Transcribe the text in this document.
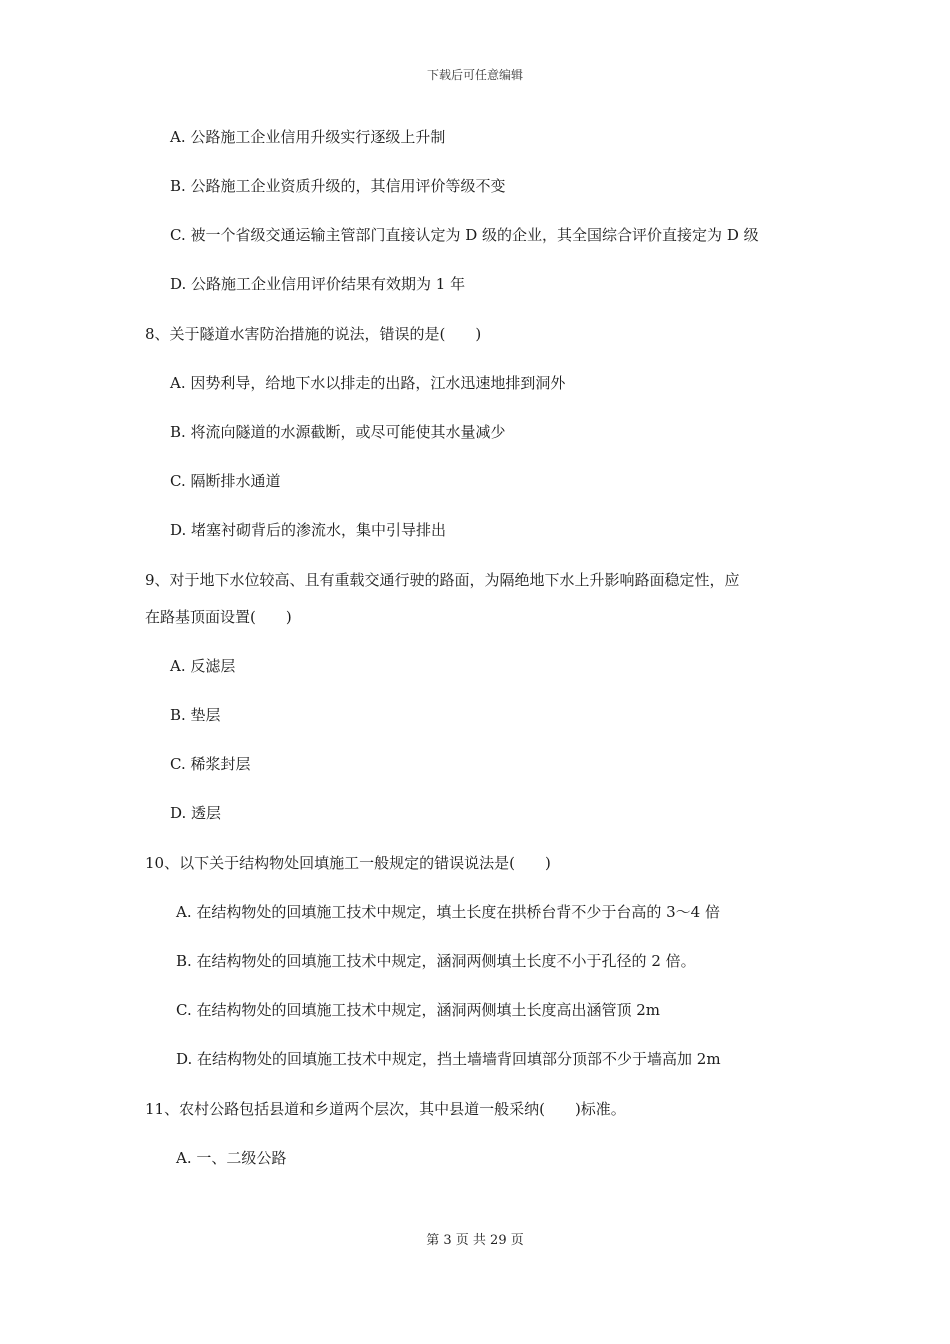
下载后可任意编辑
A. 公路施工企业信用升级实行逐级上升制
B. 公路施工企业资质升级的，其信用评价等级不变
C. 被一个省级交通运输主管部门直接认定为 D 级的企业，其全国综合评价直接定为 D 级
D. 公路施工企业信用评价结果有效期为 1 年
8、关于隧道水害防治措施的说法，错误的是(　　)
A. 因势利导，给地下水以排走的出路，江水迅速地排到洞外
B. 将流向隧道的水源截断，或尽可能使其水量减少
C. 隔断排水通道
D. 堵塞衬砌背后的渗流水，集中引导排出
9、对于地下水位较高、且有重载交通行驶的路面，为隔绝地下水上升影响路面稳定性，应
在路基顶面设置(　　)
A. 反滤层
B. 垫层
C. 稀浆封层
D. 透层
10、以下关于结构物处回填施工一般规定的错误说法是(　　)
A. 在结构物处的回填施工技术中规定，填土长度在拱桥台背不少于台高的 3～4 倍
B. 在结构物处的回填施工技术中规定，涵洞两侧填土长度不小于孔径的 2 倍。
C. 在结构物处的回填施工技术中规定，涵洞两侧填土长度高出涵管顶 2m
D. 在结构物处的回填施工技术中规定，挡土墙墙背回填部分顶部不少于墙高加 2m
11、农村公路包括县道和乡道两个层次，其中县道一般采纳(　　)标准。
A. 一、二级公路
第 3 页 共 29 页
